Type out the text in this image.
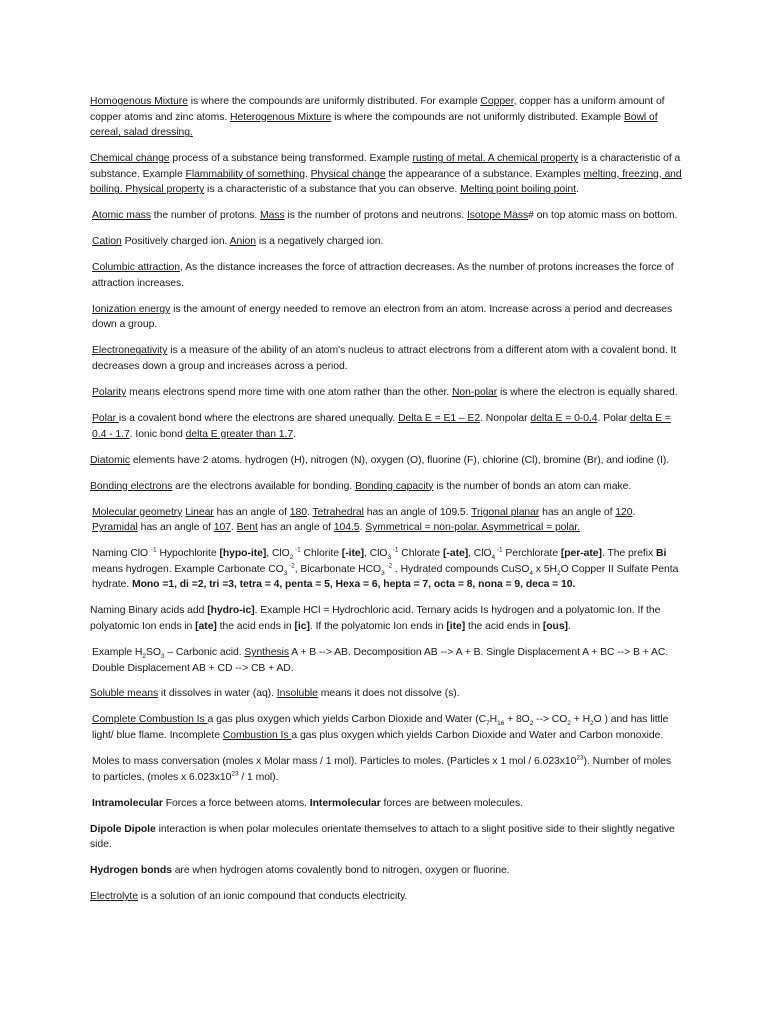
Homogenous Mixture is where the compounds are uniformly distributed. For example Copper, copper has a uniform amount of copper atoms and zinc atoms. Heterogenous Mixture is where the compounds are not uniformly distributed. Example Bowl of cereal, salad dressing.

Chemical change process of a substance being transformed. Example rusting of metal. A chemical property is a characteristic of a substance. Example Flammability of something. Physical change the appearance of a substance. Examples melting, freezing, and boiling. Physical property is a characteristic of a substance that you can observe. Melting point boiling point.

Atomic mass the number of protons. Mass is the number of protons and neutrons. Isotope Mass# on top atomic mass on bottom.

Cation Positively charged ion. Anion is a negatively charged ion.

Columbic attraction, As the distance increases the force of attraction decreases. As the number of protons increases the force of attraction increases.

Ionization energy is the amount of energy needed to remove an electron from an atom. Increase across a period and decreases down a group.

Electronegativity is a measure of the ability of an atom's nucleus to attract electrons from a different atom with a covalent bond. It decreases down a group and increases across a period.

Polarity means electrons spend more time with one atom rather than the other. Non-polar is where the electron is equally shared.

Polar is a covalent bond where the electrons are shared unequally. Delta E = E1 – E2. Nonpolar delta E = 0-0.4. Polar delta E = 0.4 - 1.7. Ionic bond delta E greater than 1.7.

Diatomic elements have 2 atoms. hydrogen (H), nitrogen (N), oxygen (O), fluorine (F), chlorine (Cl), bromine (Br), and iodine (I).

Bonding electrons are the electrons available for bonding. Bonding capacity is the number of bonds an atom can make.

Molecular geometry Linear has an angle of 180. Tetrahedral has an angle of 109.5. Trigonal planar has an angle of 120. Pyramidal has an angle of 107. Bent has an angle of 104.5. Symmetrical = non-polar. Asymmetrical = polar.

Naming ClO $^{-1}$ Hypochlorite [hypo-ite], ClO$_2$ $^{-1}$ Chlorite [-ite], ClO$_3$ $^{-1}$ Chlorate [-ate], ClO$_4$ $^{-1}$ Perchlorate [per-ate]. The prefix Bi means hydrogen. Example Carbonate $CO_3$ $^{-2}$, Bicarbonate $HCO_3$ $^{-2}$ . Hydrated compounds CuSO$_4$ x $5H_2O$ Copper II Sulfate Penta hydrate. Mono =1, di =2, tri =3, tetra = 4, penta = 5, Hexa = 6, hepta = 7, octa = 8, nona = 9, deca = 10.

Naming Binary acids add [hydro-ic]. Example HCl = Hydrochloric acid. Ternary acids Is hydrogen and a polyatomic Ion. If the polyatomic Ion ends in [ate] the acid ends in [ic]. If the polyatomic Ion ends in [ite] the acid ends in [ous].

Example $H_2SO_3$ – Carbonic acid. Synthesis A + B --> AB. Decomposition AB --> A + B. Single Displacement A + BC --> B + AC. Double Displacement AB + CD --> CB + AD.

Soluble means it dissolves in water (aq). Insoluble means it does not dissolve (s).

Complete Combustion Is a gas plus oxygen which yields Carbon Dioxide and Water ($C_7H_{16} + 8O_2$ --> $CO_2 + H_2O$ ) and has little light/ blue flame. Incomplete Combustion Is a gas plus oxygen which yields Carbon Dioxide and Water and Carbon monoxide.

Moles to mass conversation (moles x Molar mass / 1 mol). Particles to moles. (Particles x 1 mol / $6.023x10^{23}$). Number of moles to particles, (moles x $6.023x10^{23} / 1$ mol).

Intramolecular Forces a force between atoms. Intermolecular forces are between molecules.

Dipole Dipole interaction is when polar molecules orientate themselves to attach to a slight positive side to their slightly negative side.

Hydrogen bonds are when hydrogen atoms covalently bond to nitrogen, oxygen or fluorine.

Electrolyte is a solution of an ionic compound that conducts electricity.
